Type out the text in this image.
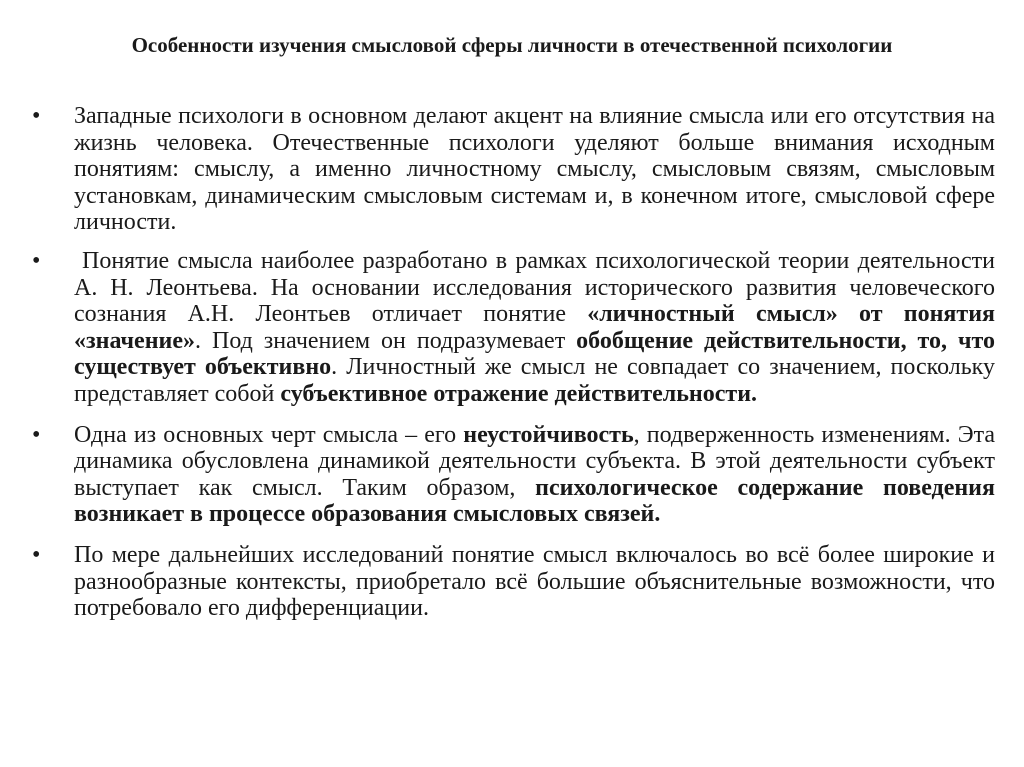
Особенности изучения смысловой сферы личности в отечественной психологии
•	Западные психологи в основном делают акцент на влияние смысла или его отсутствия на жизнь человека. Отечественные психологи уделяют больше внимания исходным понятиям: смыслу, а именно личностному смыслу, смысловым связям, смысловым установкам, динамическим смысловым системам и, в конечном итоге, смысловой сфере личности.
•	Понятие смысла наиболее разработано в рамках психологической теории деятельности А. Н. Леонтьева. На основании исследования исторического развития человеческого сознания А.Н. Леонтьев отличает понятие «личностный смысл» от понятия «значение». Под значением он подразумевает обобщение действительности, то, что существует объективно. Личностный же смысл не совпадает со значением, поскольку представляет собой субъективное отражение действительности.
•	Одна из основных черт смысла – его неустойчивость, подверженность изменениям. Эта динамика обусловлена динамикой деятельности субъекта. В этой деятельности субъект выступает как смысл. Таким образом, психологическое содержание поведения возникает в процессе образования смысловых связей.
•	По мере дальнейших исследований понятие смысл включалось во всё более широкие и разнообразные контексты, приобретало всё большие объяснительные возможности, что потребовало его дифференциации.
